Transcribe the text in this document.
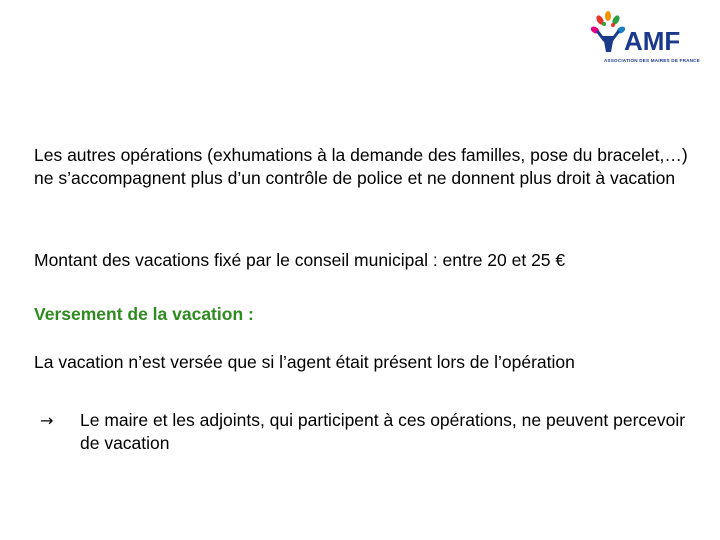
AMF
ASSOCIATION DES MAIRES DE FRANCE

Les autres opérations (exhumations à la demande des familles, pose du bracelet,…) ne s’accompagnent plus d’un contrôle de police et ne donnent plus droit à vacation

Montant des vacations fixé par le conseil municipal : entre 20 et 25 €

Versement de la vacation :

La vacation n’est versée que si l’agent était présent lors de l’opération

→	Le maire et les adjoints, qui participent à ces opérations, ne peuvent percevoir de vacation
